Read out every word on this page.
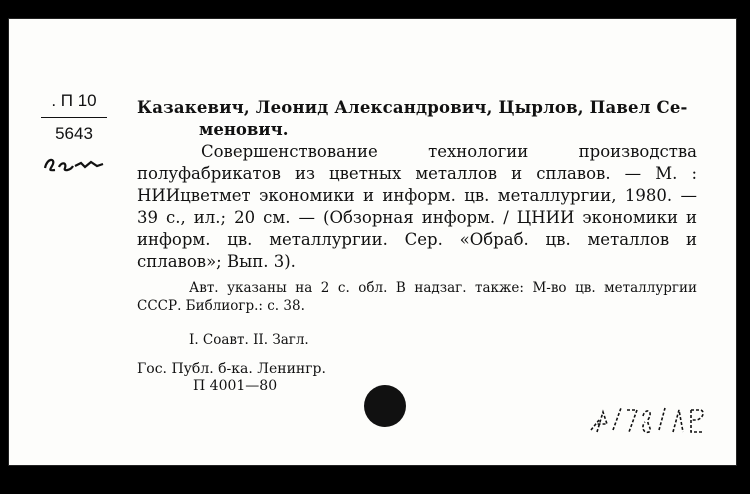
. П 10
5643
Казакевич, Леонид Александрович, Цырлов, Павел Се-
менович.
Совершенствование технологии производства полуфабрикатов из цветных металлов и сплавов. — М. : НИИцветмет экономики и информ. цв. металлургии, 1980. — 39 с., ил.; 20 см. — (Обзорная информ. / ЦНИИ экономики и информ. цв. металлургии. Сер. «Обраб. цв. металлов и сплавов»; Вып. 3).
Авт. указаны на 2 с. обл. В надзаг. также: М-во цв. металлургии СССР. Библиогр.: с. 38.
I. Соавт. II. Загл.
Гос. Публ. б-ка. Ленингр.
П 4001—80
